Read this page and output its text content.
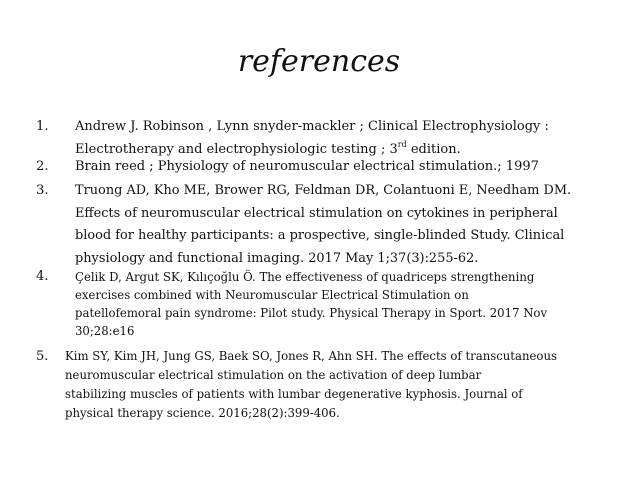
references
1. Andrew J. Robinson , Lynn snyder-mackler ; Clinical Electrophysiology :
Electrotherapy and electrophysiologic testing ; 3rd edition.
2. Brain reed ; Physiology of neuromuscular electrical stimulation.; 1997
3. Truong AD, Kho ME, Brower RG, Feldman DR, Colantuoni E, Needham DM.
Effects of neuromuscular electrical stimulation on cytokines in peripheral
blood for healthy participants: a prospective, single-blinded Study. Clinical
physiology and functional imaging. 2017 May 1;37(3):255-62.
4. Çelik D, Argut SK, Kılıçoğlu Ö. The effectiveness of quadriceps strengthening
exercises combined with Neuromuscular Electrical Stimulation on
patellofemoral pain syndrome: Pilot study. Physical Therapy in Sport. 2017 Nov
30;28:e16
5. Kim SY, Kim JH, Jung GS, Baek SO, Jones R, Ahn SH. The effects of transcutaneous
neuromuscular electrical stimulation on the activation of deep lumbar
stabilizing muscles of patients with lumbar degenerative kyphosis. Journal of
physical therapy science. 2016;28(2):399-406.
